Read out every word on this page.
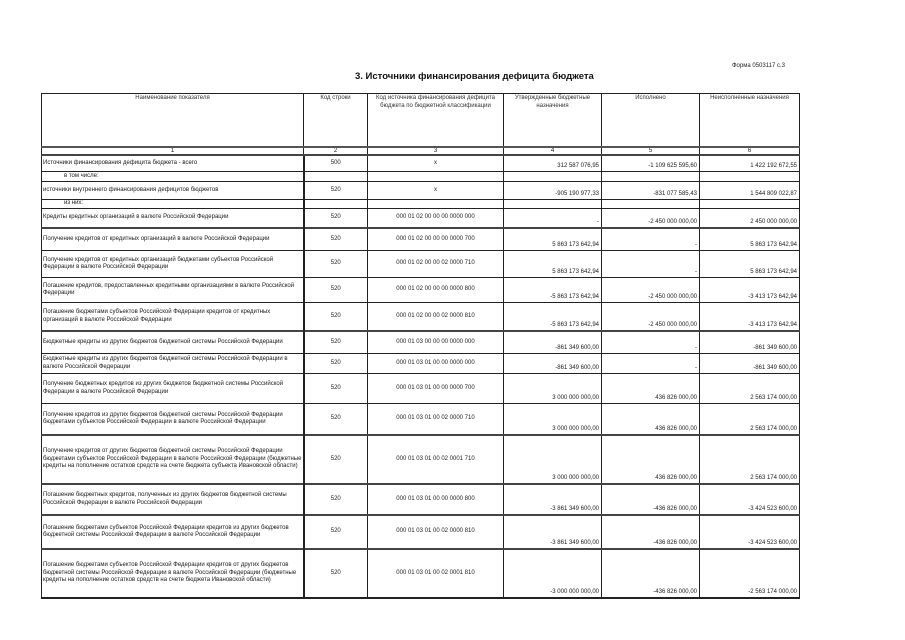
Форма 0503117 с.3
3. Источники финансирования дефицита бюджета
Наименование показателя	Код строки	Код источника финансирования дефицита бюджета по бюджетной классификации	Утвержденные бюджетные назначения	Исполнено	Неисполненные назначения
1	2	3	4	5	6
Источники финансирования дефицита бюджета - всего	500	x	312 587 076,95	-1 109 625 595,60	1 422 192 672,55
в том числе:					
источники внутреннего финансирования дефицитов бюджетов	520	x	-905 190 977,33	-831 077 585,43	1 544 809 022,87
из них:					
Кредиты кредитных организаций в валюте Российской Федерации	520	000 01 02 00 00 00 0000 000	-	-2 450 000 000,00	2 450 000 000,00
Получение кредитов от кредитных организаций в валюте Российской Федерации	520	000 01 02 00 00 00 0000 700	5 863 173 642,94	-	5 863 173 642,94
Получение кредитов от кредитных организаций бюджетами субъектов Российской Федерации в валюте Российской Федерации	520	000 01 02 00 00 02 0000 710	5 863 173 642,94	-	5 863 173 642,94
Погашение кредитов, предоставленных кредитными организациями в валюте Российской Федерации	520	000 01 02 00 00 00 0000 800	-5 863 173 642,94	-2 450 000 000,00	-3 413 173 642,94
Погашение бюджетами субъектов Российской Федерации кредитов от кредитных организаций в валюте Российской Федерации	520	000 01 02 00 00 02 0000 810	-5 863 173 642,94	-2 450 000 000,00	-3 413 173 642,94
Бюджетные кредиты из других бюджетов бюджетной системы Российской Федерации	520	000 01 03 00 00 00 0000 000	-861 349 600,00	-	-861 349 600,00
Бюджетные кредиты из других бюджетов бюджетной системы Российской Федерации в валюте Российской Федерации	520	000 01 03 01 00 00 0000 000	-861 349 600,00	-	-861 349 600,00
Получение бюджетных кредитов из других бюджетов бюджетной системы Российской Федерации в валюте Российской Федерации	520	000 01 03 01 00 00 0000 700	3 000 000 000,00	436 826 000,00	2 563 174 000,00
Получение кредитов из других бюджетов бюджетной системы Российской Федерации бюджетами субъектов Российской Федерации в валюте Российской Федерации	520	000 01 03 01 00 02 0000 710	3 000 000 000,00	436 826 000,00	2 563 174 000,00
Получение кредитов от других бюджетов бюджетной системы Российской Федерации бюджетами субъектов Российской Федерации в валюте Российской Федерации (бюджетные кредиты на пополнение остатков средств на счете бюджета субъекта Ивановской области)	520	000 01 03 01 00 02 0001 710	3 000 000 000,00	436 826 000,00	2 563 174 000,00
Погашение бюджетных кредитов, полученных из других бюджетов бюджетной системы Российской Федерации в валюте Российской Федерации	520	000 01 03 01 00 00 0000 800	-3 861 349 600,00	-436 826 000,00	-3 424 523 600,00
Погашение бюджетами субъектов Российской Федерации кредитов из других бюджетов бюджетной системы Российской Федерации в валюте Российской Федерации	520	000 01 03 01 00 02 0000 810	-3 861 349 600,00	-436 826 000,00	-3 424 523 600,00
Погашение бюджетами субъектов Российской Федерации кредитов от других бюджетов бюджетной системы Российской Федерации в валюте Российской Федерации (бюджетные кредиты на пополнение остатков средств на счете бюджета Ивановской области)	520	000 01 03 01 00 02 0001 810	-3 000 000 000,00	-436 826 000,00	-2 563 174 000,00
